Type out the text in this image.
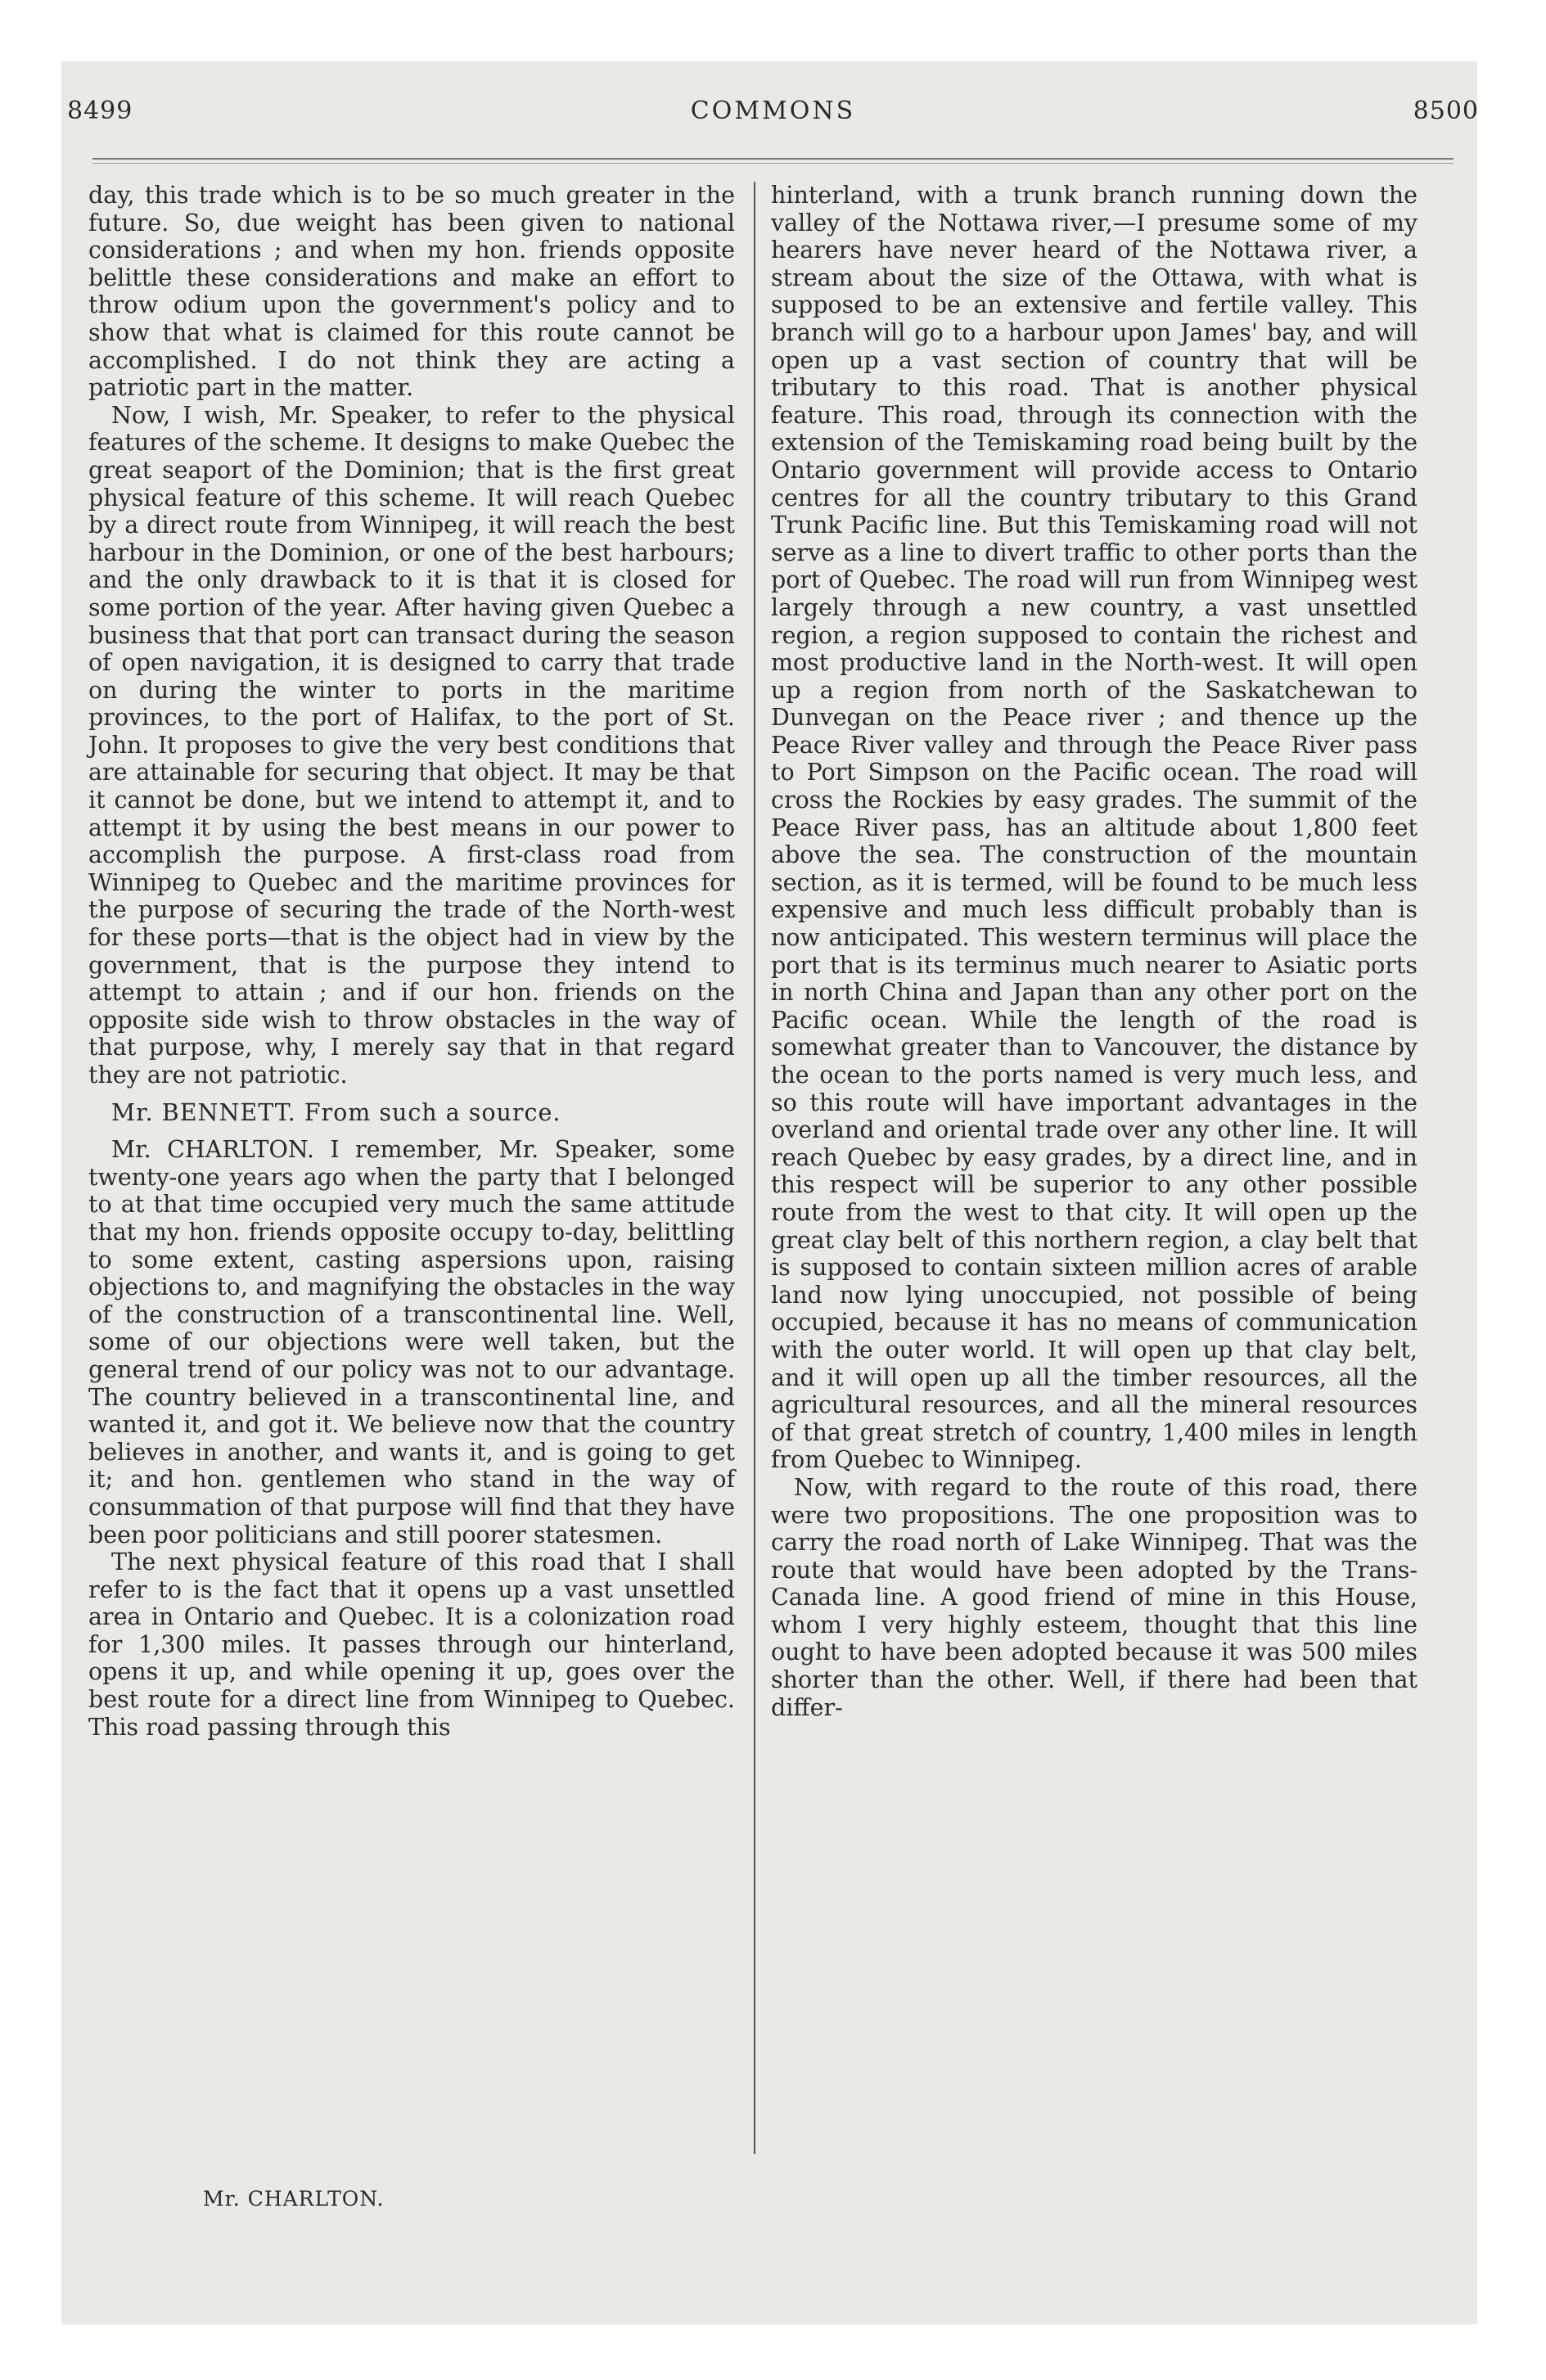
8499	COMMONS	8500

day, this trade which is to be so much greater in the future. So, due weight has been given to national considerations ; and when my hon. friends opposite belittle these considerations and make an effort to throw odium upon the government's policy and to show that what is claimed for this route cannot be accomplished. I do not think they are acting a patriotic part in the matter.

Now, I wish, Mr. Speaker, to refer to the physical features of the scheme. It designs to make Quebec the great seaport of the Dominion; that is the first great physical feature of this scheme. It will reach Quebec by a direct route from Winnipeg, it will reach the best harbour in the Dominion, or one of the best harbours; and the only drawback to it is that it is closed for some portion of the year. After having given Quebec a business that that port can transact during the season of open navigation, it is designed to carry that trade on during the winter to ports in the maritime provinces, to the port of Halifax, to the port of St. John. It proposes to give the very best conditions that are attainable for securing that object. It may be that it cannot be done, but we intend to attempt it, and to attempt it by using the best means in our power to accomplish the purpose. A first-class road from Winnipeg to Quebec and the maritime provinces for the purpose of securing the trade of the North-west for these ports—that is the object had in view by the government, that is the purpose they intend to attempt to attain ; and if our hon. friends on the opposite side wish to throw obstacles in the way of that purpose, why, I merely say that in that regard they are not patriotic.

Mr. BENNETT. From such a source.

Mr. CHARLTON. I remember, Mr. Speaker, some twenty-one years ago when the party that I belonged to at that time occupied very much the same attitude that my hon. friends opposite occupy to-day, belittling to some extent, casting aspersions upon, raising objections to, and magnifying the obstacles in the way of the construction of a transcontinental line. Well, some of our objections were well taken, but the general trend of our policy was not to our advantage. The country believed in a transcontinental line, and wanted it, and got it. We believe now that the country believes in another, and wants it, and is going to get it; and hon. gentlemen who stand in the way of consummation of that purpose will find that they have been poor politicians and still poorer statesmen.

The next physical feature of this road that I shall refer to is the fact that it opens up a vast unsettled area in Ontario and Quebec. It is a colonization road for 1,300 miles. It passes through our hinterland, opens it up, and while opening it up, goes over the best route for a direct line from Winnipeg to Quebec. This road passing through this

hinterland, with a trunk branch running down the valley of the Nottawa river,—I presume some of my hearers have never heard of the Nottawa river, a stream about the size of the Ottawa, with what is supposed to be an extensive and fertile valley. This branch will go to a harbour upon James' bay, and will open up a vast section of country that will be tributary to this road. That is another physical feature. This road, through its connection with the extension of the Temiskaming road being built by the Ontario government will provide access to Ontario centres for all the country tributary to this Grand Trunk Pacific line. But this Temiskaming road will not serve as a line to divert traffic to other ports than the port of Quebec. The road will run from Winnipeg west largely through a new country, a vast unsettled region, a region supposed to contain the richest and most productive land in the North-west. It will open up a region from north of the Saskatchewan to Dunvegan on the Peace river ; and thence up the Peace River valley and through the Peace River pass to Port Simpson on the Pacific ocean. The road will cross the Rockies by easy grades. The summit of the Peace River pass, has an altitude about 1,800 feet above the sea. The construction of the mountain section, as it is termed, will be found to be much less expensive and much less difficult probably than is now anticipated. This western terminus will place the port that is its terminus much nearer to Asiatic ports in north China and Japan than any other port on the Pacific ocean. While the length of the road is somewhat greater than to Vancouver, the distance by the ocean to the ports named is very much less, and so this route will have important advantages in the overland and oriental trade over any other line. It will reach Quebec by easy grades, by a direct line, and in this respect will be superior to any other possible route from the west to that city. It will open up the great clay belt of this northern region, a clay belt that is supposed to contain sixteen million acres of arable land now lying unoccupied, not possible of being occupied, because it has no means of communication with the outer world. It will open up that clay belt, and it will open up all the timber resources, all the agricultural resources, and all the mineral resources of that great stretch of country, 1,400 miles in length from Quebec to Winnipeg.

Now, with regard to the route of this road, there were two propositions. The one proposition was to carry the road north of Lake Winnipeg. That was the route that would have been adopted by the Trans-Canada line. A good friend of mine in this House, whom I very highly esteem, thought that this line ought to have been adopted because it was 500 miles shorter than the other. Well, if there had been that differ-

Mr. CHARLTON.
